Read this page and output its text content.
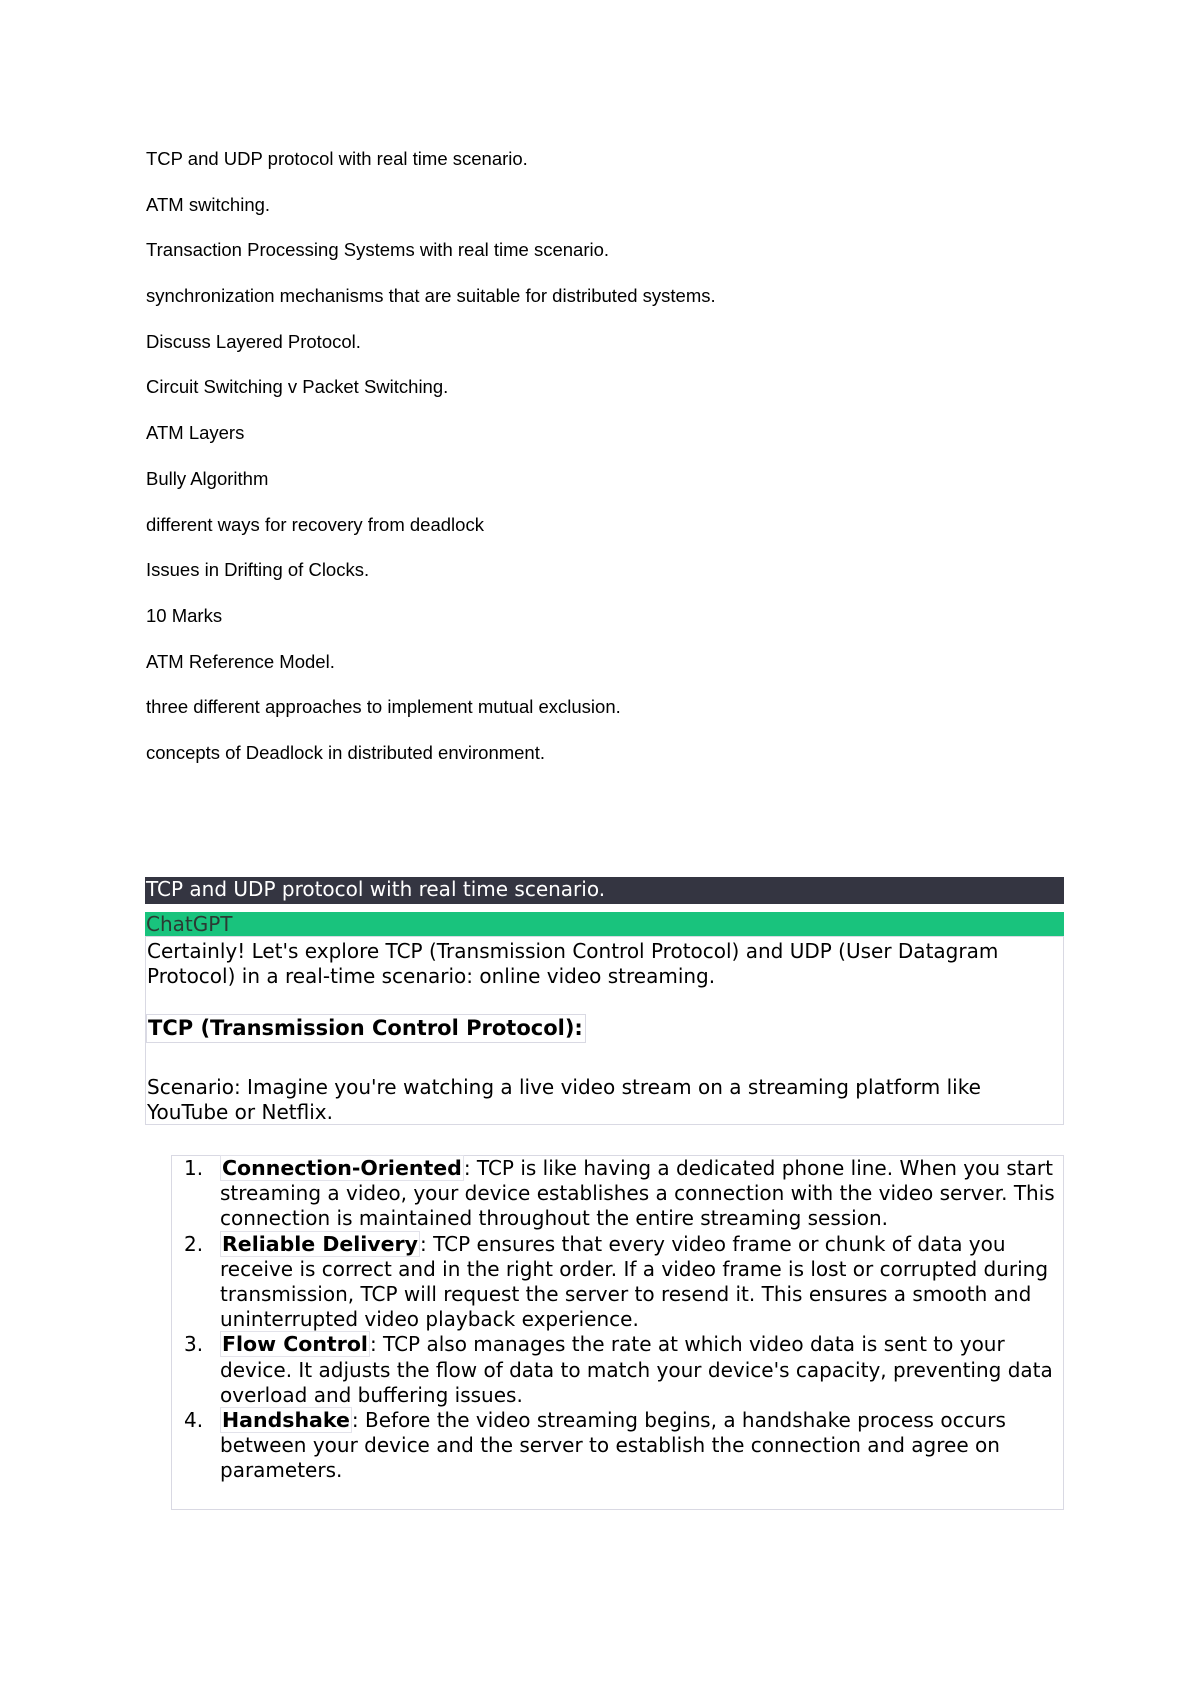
TCP and UDP protocol with real time scenario.
ATM switching.
Transaction Processing Systems with real time scenario.
synchronization mechanisms that are suitable for distributed systems.
Discuss Layered Protocol.
Circuit Switching v Packet Switching.
ATM Layers
Bully Algorithm
different ways for recovery from deadlock
Issues in Drifting of Clocks.
10 Marks
ATM Reference Model.
three different approaches to implement mutual exclusion.
concepts of Deadlock in distributed environment.
TCP and UDP protocol with real time scenario.
ChatGPT

Certainly! Let's explore TCP (Transmission Control Protocol) and UDP (User Datagram Protocol) in a real-time scenario: online video streaming.

TCP (Transmission Control Protocol):

Scenario: Imagine you're watching a live video stream on a streaming platform like YouTube or Netflix.

1. Connection-Oriented : TCP is like having a dedicated phone line. When you start streaming a video, your device establishes a connection with the video server. This connection is maintained throughout the entire streaming session.
2. Reliable Delivery : TCP ensures that every video frame or chunk of data you receive is correct and in the right order. If a video frame is lost or corrupted during transmission, TCP will request the server to resend it. This ensures a smooth and uninterrupted video playback experience.
3. Flow Control : TCP also manages the rate at which video data is sent to your device. It adjusts the flow of data to match your device's capacity, preventing data overload and buffering issues.
4. Handshake : Before the video streaming begins, a handshake process occurs between your device and the server to establish the connection and agree on parameters.
